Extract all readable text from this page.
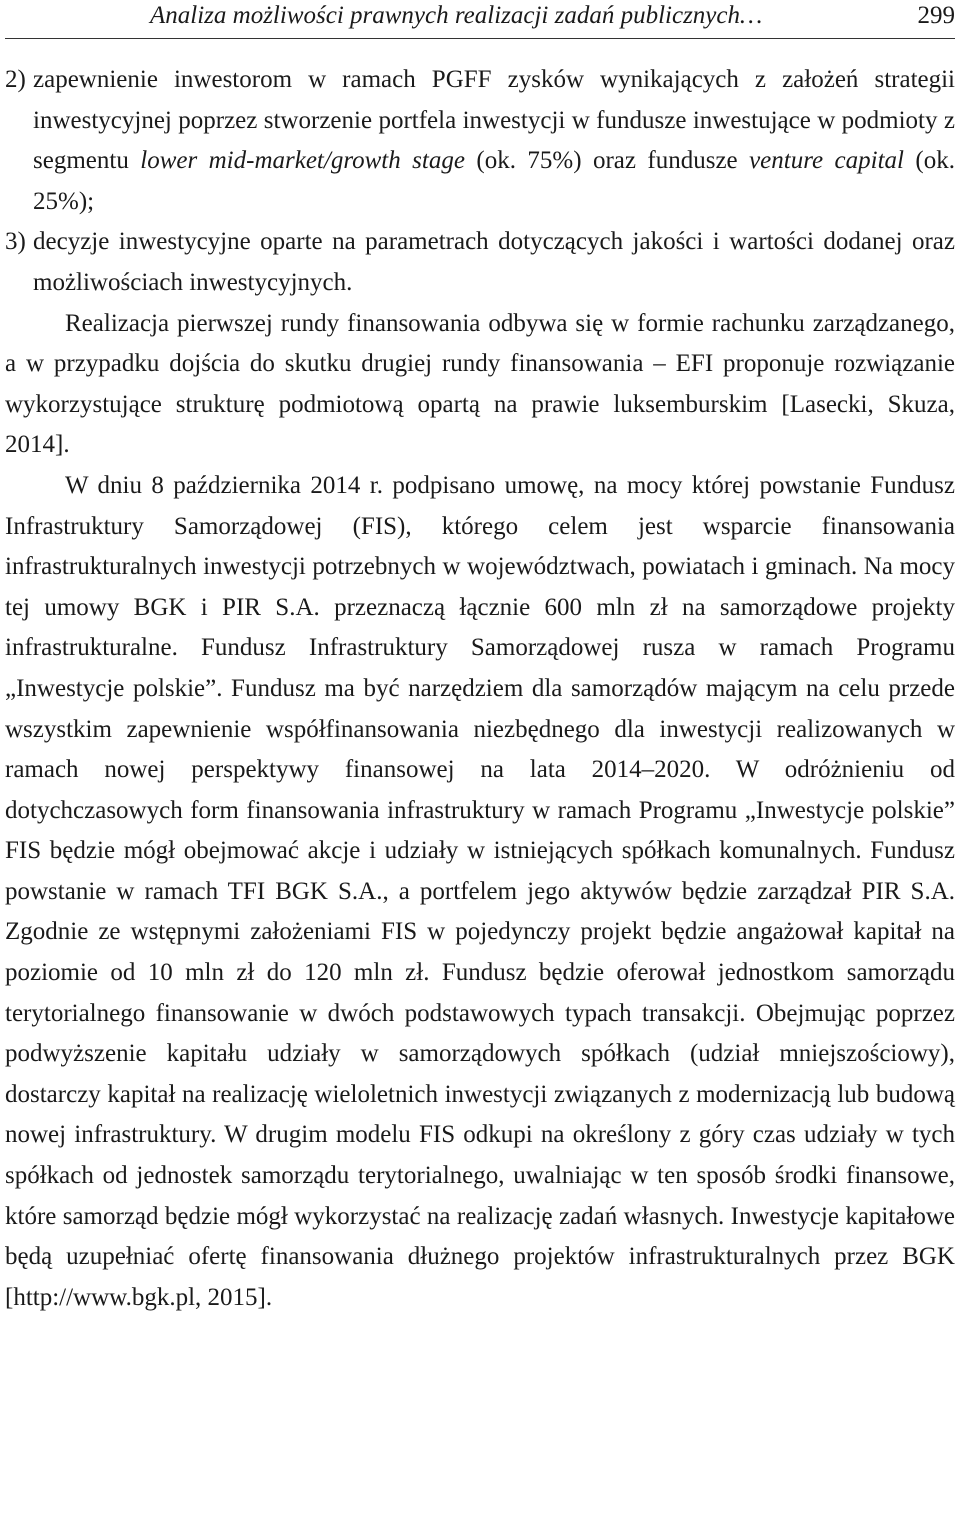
Analiza możliwości prawnych realizacji zadań publicznych…	299
2) zapewnienie inwestorom w ramach PGFF zysków wynikających z założeń strategii inwestycyjnej poprzez stworzenie portfela inwestycji w fundusze inwestujące w podmioty z segmentu lower mid-market/growth stage (ok. 75%) oraz fundusze venture capital (ok. 25%);
3) decyzje inwestycyjne oparte na parametrach dotyczących jakości i wartości dodanej oraz możliwościach inwestycyjnych.

Realizacja pierwszej rundy finansowania odbywa się w formie rachunku zarządzanego, a w przypadku dojścia do skutku drugiej rundy finansowania – EFI proponuje rozwiązanie wykorzystujące strukturę podmiotową opartą na prawie luksemburskim [Lasecki, Skuza, 2014].

W dniu 8 października 2014 r. podpisano umowę, na mocy której powstanie Fundusz Infrastruktury Samorządowej (FIS), którego celem jest wsparcie finansowania infrastrukturalnych inwestycji potrzebnych w województwach, powiatach i gminach. Na mocy tej umowy BGK i PIR S.A. przeznaczą łącznie 600 mln zł na samorządowe projekty infrastrukturalne. Fundusz Infrastruktury Samorządowej rusza w ramach Programu „Inwestycje polskie”. Fundusz ma być narzędziem dla samorządów mającym na celu przede wszystkim zapewnienie współfinansowania niezbędnego dla inwestycji realizowanych w ramach nowej perspektywy finansowej na lata 2014–2020. W odróżnieniu od dotychczasowych form finansowania infrastruktury w ramach Programu „Inwestycje polskie” FIS będzie mógł obejmować akcje i udziały w istniejących spółkach komunalnych. Fundusz powstanie w ramach TFI BGK S.A., a portfelem jego aktywów będzie zarządzał PIR S.A. Zgodnie ze wstępnymi założeniami FIS w pojedynczy projekt będzie angażował kapitał na poziomie od 10 mln zł do 120 mln zł. Fundusz będzie oferował jednostkom samorządu terytorialnego finansowanie w dwóch podstawowych typach transakcji. Obejmując poprzez podwyższenie kapitału udziały w samorządowych spółkach (udział mniejszościowy), dostarczy kapitał na realizację wieloletnich inwestycji związanych z modernizacją lub budową nowej infrastruktury. W drugim modelu FIS odkupi na określony z góry czas udziały w tych spółkach od jednostek samorządu terytorialnego, uwalniając w ten sposób środki finansowe, które samorząd będzie mógł wykorzystać na realizację zadań własnych. Inwestycje kapitałowe będą uzupełniać ofertę finansowania dłużnego projektów infrastrukturalnych przez BGK [http://www.bgk.pl, 2015].
